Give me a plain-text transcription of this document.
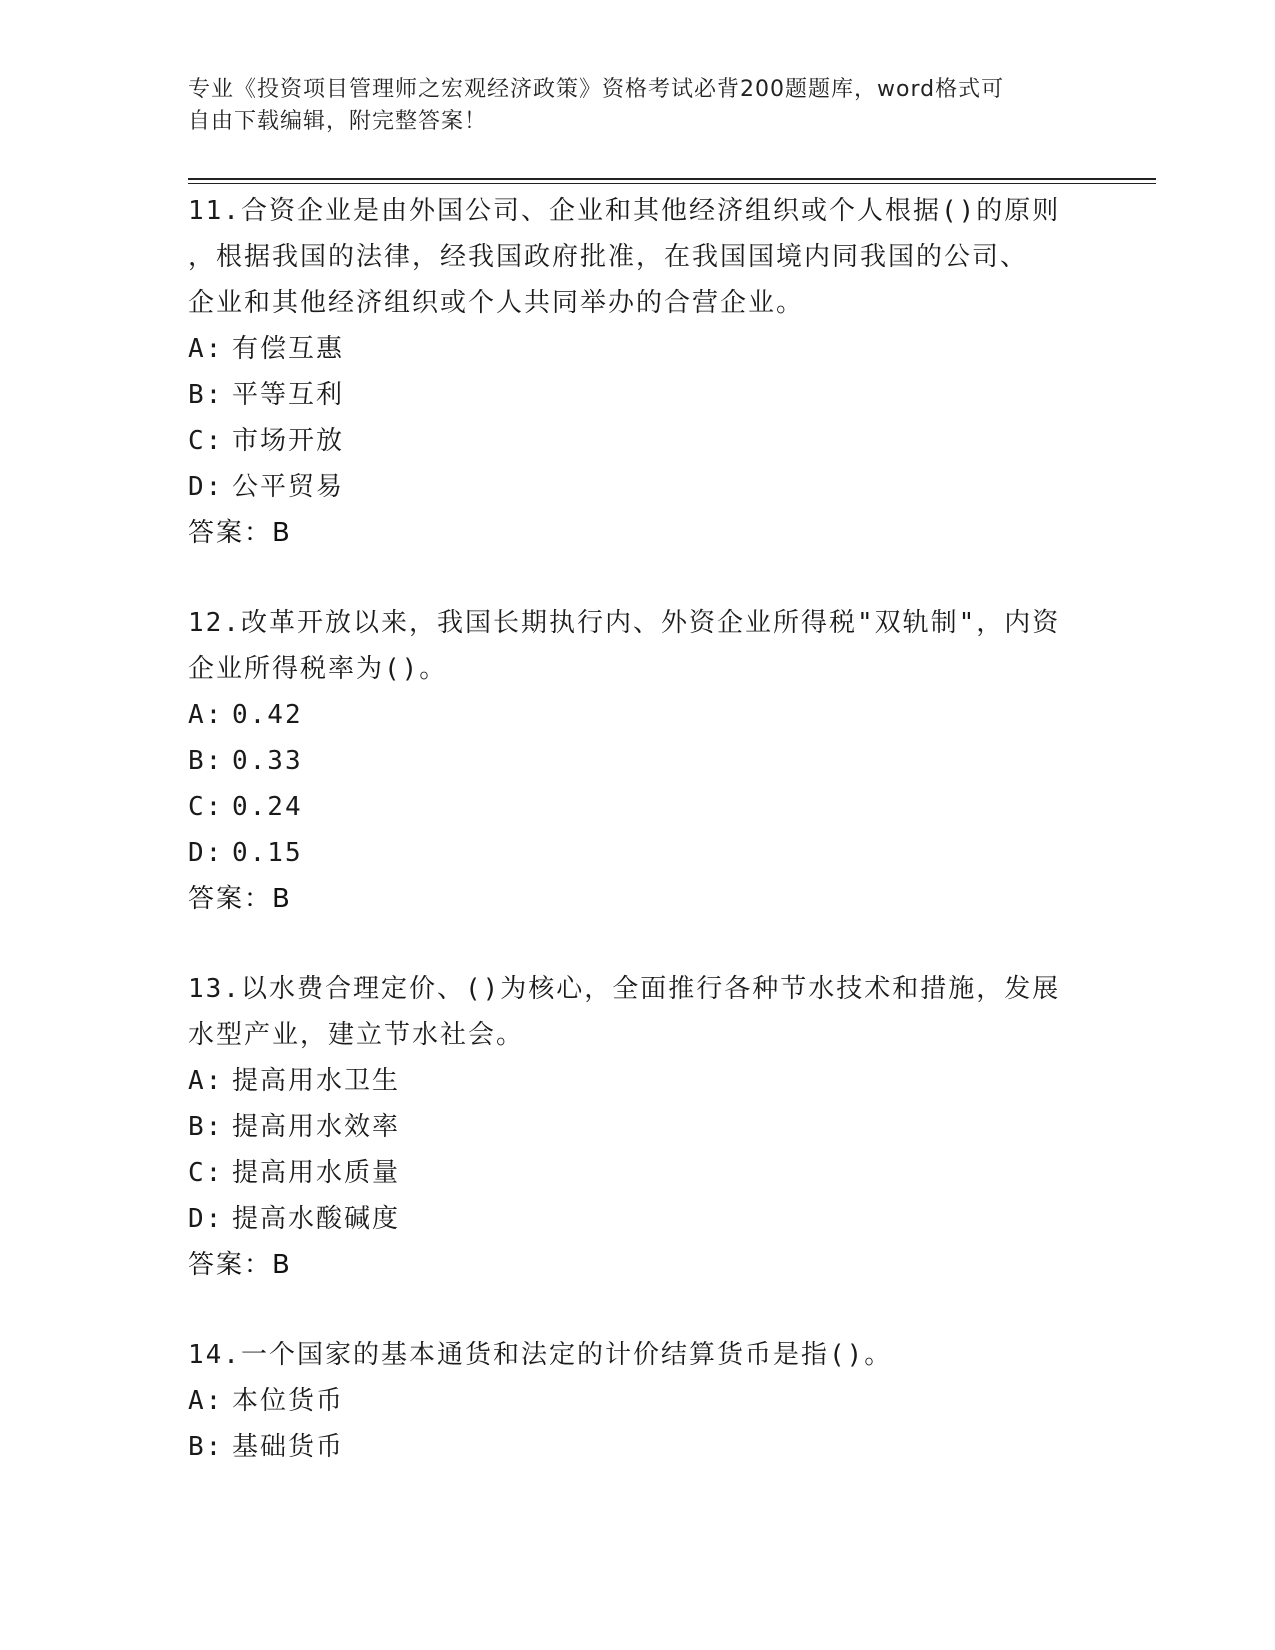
专业《投资项目管理师之宏观经济政策》资格考试必背200题题库，word格式可
自由下载编辑，附完整答案！
11.合资企业是由外国公司、企业和其他经济组织或个人根据()的原则
，根据我国的法律，经我国政府批准，在我国国境内同我国的公司、
企业和其他经济组织或个人共同举办的合营企业。
A: 有偿互惠
B: 平等互利
C: 市场开放
D: 公平贸易
答案：B
12.改革开放以来，我国长期执行内、外资企业所得税"双轨制"，内资
企业所得税率为()。
A: 0.42
B: 0.33
C: 0.24
D: 0.15
答案：B
13.以水费合理定价、()为核心，全面推行各种节水技术和措施，发展
水型产业，建立节水社会。
A: 提高用水卫生
B: 提高用水效率
C: 提高用水质量
D: 提高水酸碱度
答案：B
14.一个国家的基本通货和法定的计价结算货币是指()。
A: 本位货币
B: 基础货币
